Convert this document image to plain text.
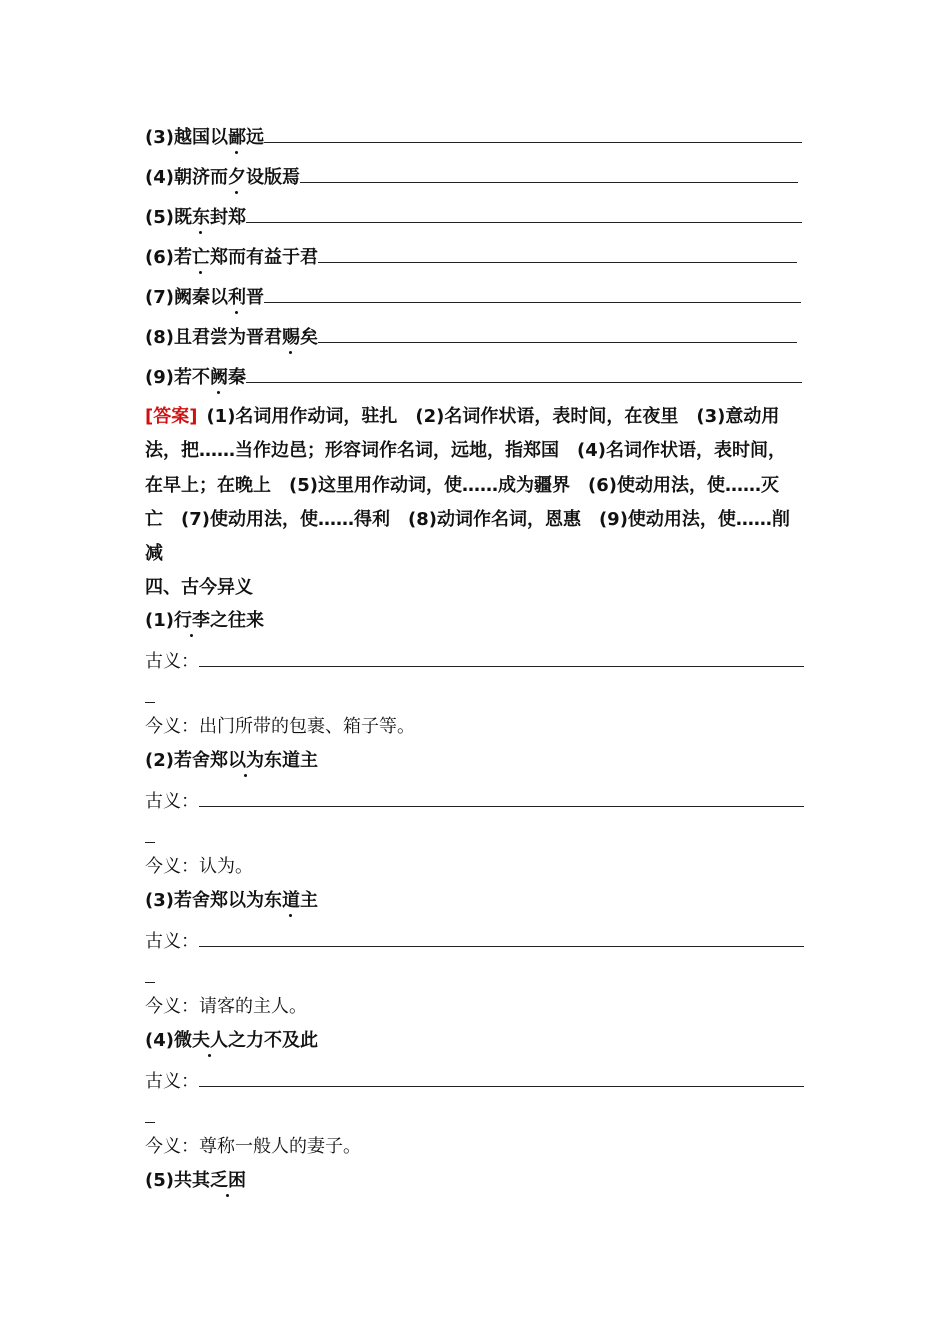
(3)越国以鄙远
(4)朝济而夕设版焉
(5)既东封郑
(6)若亡郑而有益于君
(7)阙秦以利晋
(8)且君尝为晋君赐矣
(9)若不阙秦
[答案]  (1)名词用作动词，驻扎　(2)名词作状语，表时间，在夜里　(3)意动用
法，把……当作边邑；形容词作名词，远地，指郑国　(4)名词作状语，表时间，
在早上；在晚上　(5)这里用作动词，使……成为疆界　(6)使动用法，使……灭
亡　(7)使动用法，使……得利　(8)动词作名词，恩惠　(9)使动用法，使……削
减
四、古今异义
(1)行李之往来
古义：
今义：出门所带的包裹、箱子等。
(2)若舍郑以为东道主
古义：
今义：认为。
(3)若舍郑以为东道主
古义：
今义：请客的主人。
(4)微夫人之力不及此
古义：
今义：尊称一般人的妻子。
(5)共其乏困
